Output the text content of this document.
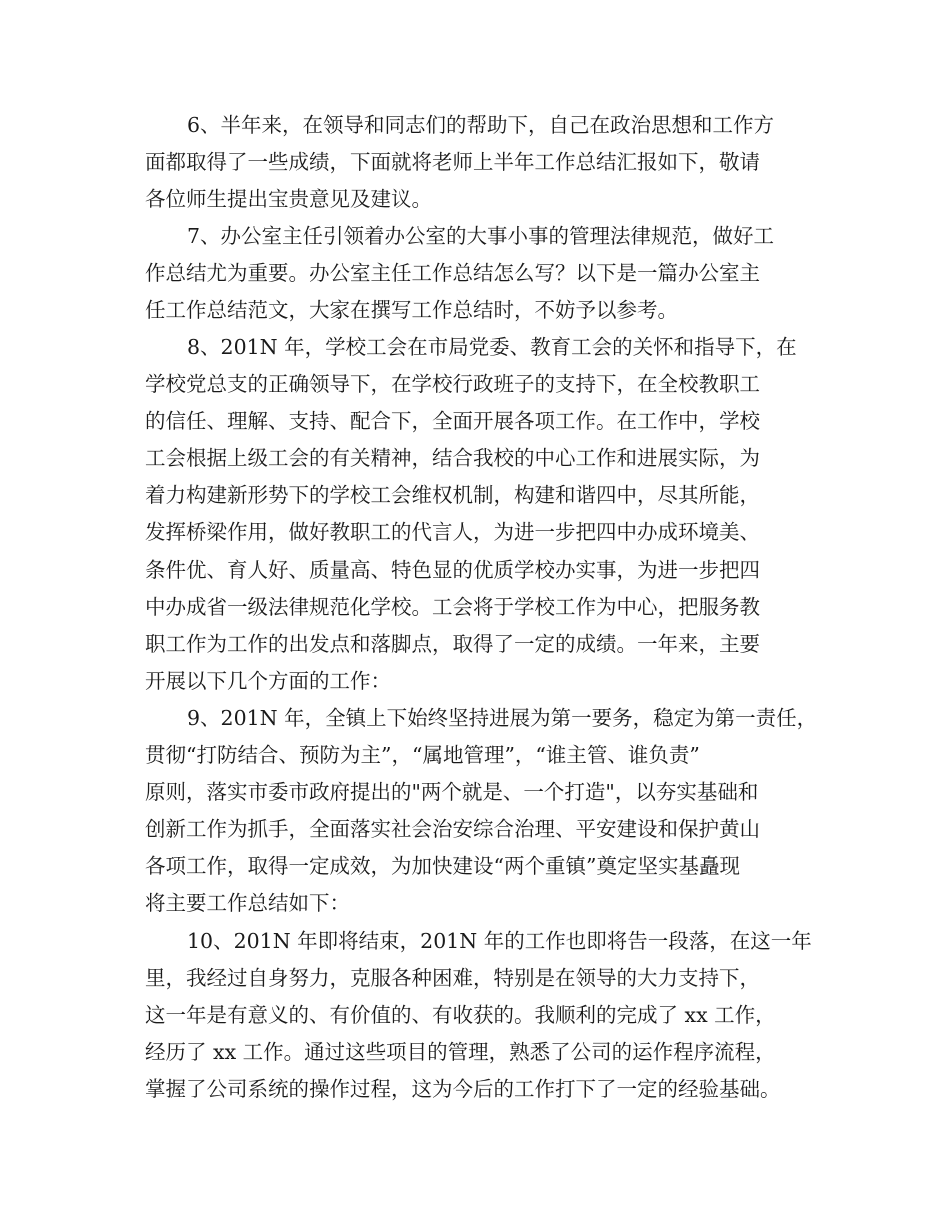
6、半年来，在领导和同志们的帮助下，自己在政治思想和工作方
面都取得了一些成绩，下面就将老师上半年工作总结汇报如下，敬请
各位师生提出宝贵意见及建议。
7、办公室主任引领着办公室的大事小事的管理法律规范，做好工
作总结尤为重要。办公室主任工作总结怎么写？以下是一篇办公室主
任工作总结范文，大家在撰写工作总结时，不妨予以参考。
8、201N 年，学校工会在市局党委、教育工会的关怀和指导下，在
学校党总支的正确领导下，在学校行政班子的支持下，在全校教职工
的信任、理解、支持、配合下，全面开展各项工作。在工作中，学校
工会根据上级工会的有关精神，结合我校的中心工作和进展实际，为
着力构建新形势下的学校工会维权机制，构建和谐四中，尽其所能，
发挥桥梁作用，做好教职工的代言人，为进一步把四中办成环境美、
条件优、育人好、质量高、特色显的优质学校办实事，为进一步把四
中办成省一级法律规范化学校。工会将于学校工作为中心，把服务教
职工作为工作的出发点和落脚点，取得了一定的成绩。一年来，主要
开展以下几个方面的工作：
9、201N 年，全镇上下始终坚持进展为第一要务，稳定为第一责任，
贯彻“打防结合、预防为主”，“属地管理”，“谁主管、谁负责”
原则，落实市委市政府提出的"两个就是、一个打造"，以夯实基础和
创新工作为抓手，全面落实社会治安综合治理、平安建设和保护黄山
各项工作，取得一定成效，为加快建设“两个重镇”奠定坚实基矗现
将主要工作总结如下：
10、201N 年即将结束，201N 年的工作也即将告一段落，在这一年
里，我经过自身努力，克服各种困难，特别是在领导的大力支持下，
这一年是有意义的、有价值的、有收获的。我顺利的完成了 xx 工作，
经历了 xx 工作。通过这些项目的管理，熟悉了公司的运作程序流程，
掌握了公司系统的操作过程，这为今后的工作打下了一定的经验基础。
